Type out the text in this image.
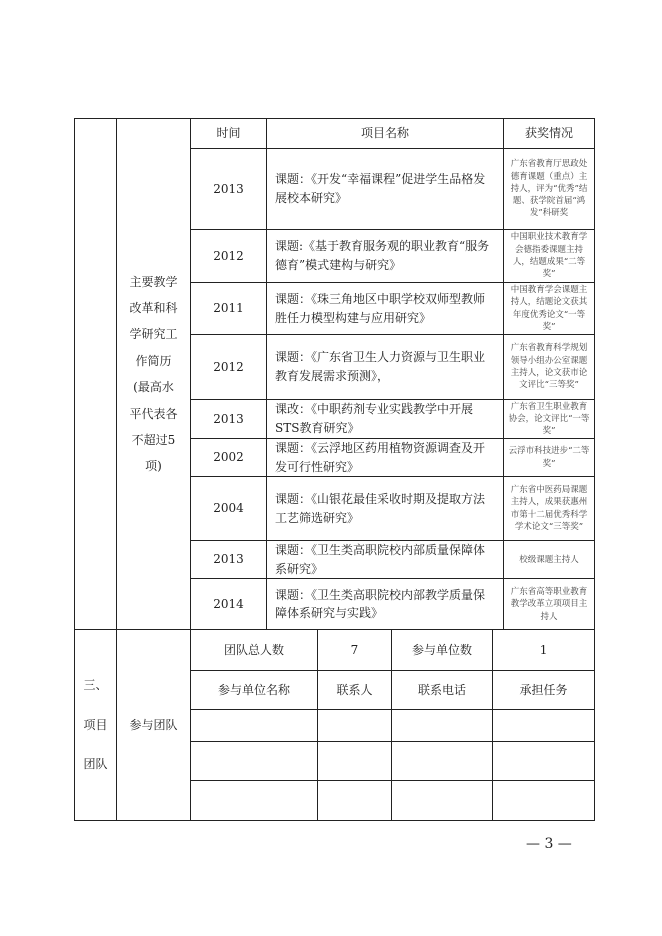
	主要教学改革和科学研究工作简历(最高水平代表各不超过5项)	时间	项目名称				获奖情况
		2013	课题：《开发“幸福课程”促进学生品格发展校本研究》				广东省教育厅思政处德育课题（重点）主持人，评为“优秀”结题、获学院首届“鸿发”科研奖
		2012	课题:《基于教育服务观的职业教育“服务德育”模式建构与研究》				中国职业技术教育学会德指委课题主持人，结题成果“二等奖”
		2011	课题：《珠三角地区中职学校双师型教师胜任力模型构建与应用研究》				中国教育学会课题主持人，结题论文获其年度优秀论文“一等奖”
		2012	课题：《广东省卫生人力资源与卫生职业教育发展需求预测》，				广东省教育科学规划领导小组办公室课题主持人，论文获市论文评比“三等奖”
		2013	课改：《中职药剂专业实践教学中开展STS教育研究》				广东省卫生职业教育协会，论文评比“一等奖”
		2002	课题：《云浮地区药用植物资源调查及开发可行性研究》				云浮市科技进步“二等奖”
		2004	课题：《山银花最佳采收时期及提取方法工艺筛选研究》				广东省中医药局课题主持人，成果获惠州市第十二届优秀科学学术论文“三等奖”
		2013	课题：《卫生类高职院校内部质量保障体系研究》				校级课题主持人
		2014	课题：《卫生类高职院校内部教学质量保障体系研究与实践》				广东省高等职业教育教学改革立项项目主持人
三、项目团队	参与团队	团队总人数		7	参与单位数	1	
		参与单位名称		联系人	联系电话	承担任务	

— 3 —
